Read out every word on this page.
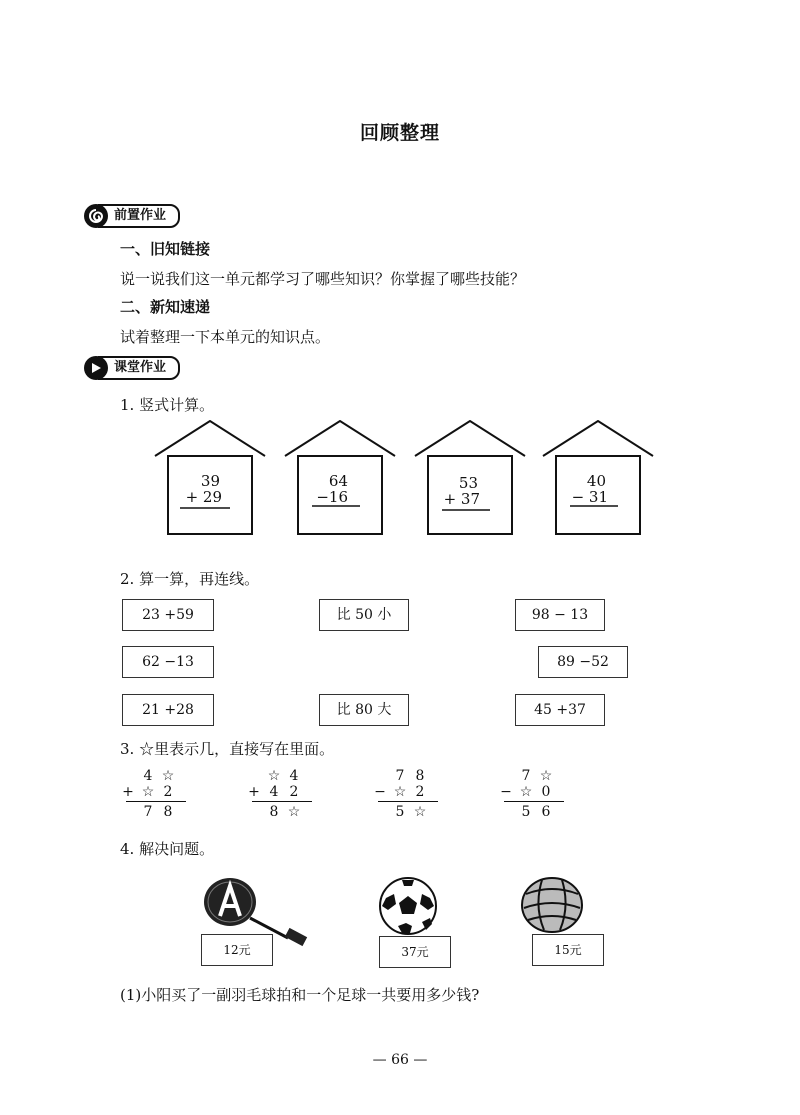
回顾整理
前置作业
一、旧知链接
说一说我们这一单元都学习了哪些知识？你掌握了哪些技能？
二、新知速递
试着整理一下本单元的知识点。
课堂作业
1. 竖式计算。
39
+ 29
64
−16
53
+ 37
40
− 31
2. 算一算，再连线。
23 +59
62 −13
21 +28
比 50 小
比 80 大
98 − 13
89 −52
45 +37
3. ☆里表示几，直接写在里面。
4 ☆
+ ☆ 2
7 8
☆ 4
+ 4 2
8 ☆
7 8
− ☆ 2
5 ☆
7 ☆
− ☆ 0
5 6
4. 解决问题。
12元	37元	15元
(1)小阳买了一副羽毛球拍和一个足球一共要用多少钱?
— 66 —
